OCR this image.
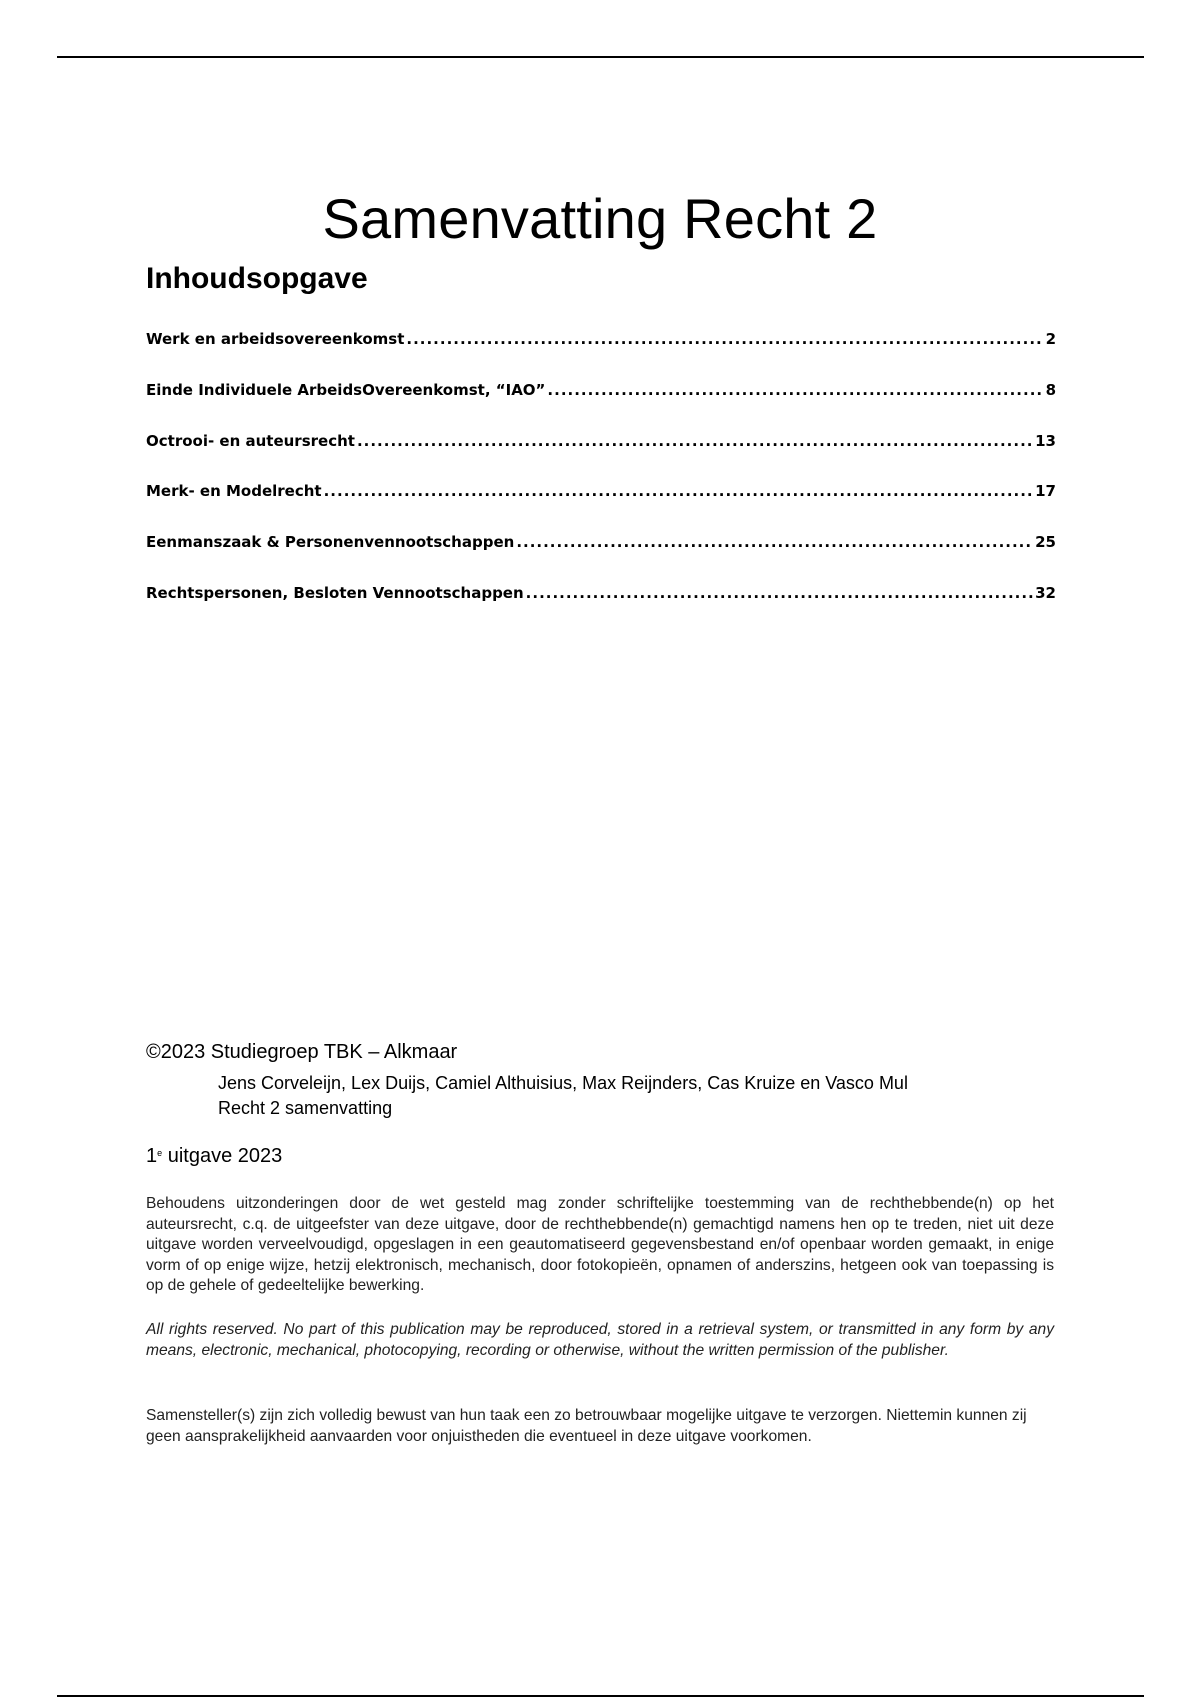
Samenvatting Recht 2
Inhoudsopgave
Werk en arbeidsovereenkomst .....	2
Einde Individuele ArbeidsOvereenkomst, “IAO” .....	8
Octrooi- en auteursrecht .....	13
Merk- en Modelrecht .....	17
Eenmanszaak & Personenvennootschappen .....	25
Rechtspersonen, Besloten Vennootschappen .....	32
©2023 Studiegroep TBK – Alkmaar
Jens Corveleijn, Lex Duijs, Camiel Althuisius, Max Reijnders, Cas Kruize en Vasco Mul
Recht 2 samenvatting
1e uitgave 2023

Behoudens uitzonderingen door de wet gesteld mag zonder schriftelijke toestemming van de rechthebbende(n) op het auteursrecht, c.q. de uitgeefster van deze uitgave, door de rechthebbende(n) gemachtigd namens hen op te treden, niet uit deze uitgave worden verveelvoudigd, opgeslagen in een geautomatiseerd gegevensbestand en/of openbaar worden gemaakt, in enige vorm of op enige wijze, hetzij elektronisch, mechanisch, door fotokopieën, opnamen of anderszins, hetgeen ook van toepassing is op de gehele of gedeeltelijke bewerking.

All rights reserved. No part of this publication may be reproduced, stored in a retrieval system, or transmitted in any form by any means, electronic, mechanical, photocopying, recording or otherwise, without the written permission of the publisher.

Samensteller(s) zijn zich volledig bewust van hun taak een zo betrouwbaar mogelijke uitgave te verzorgen. Niettemin kunnen zij geen aansprakelijkheid aanvaarden voor onjuistheden die eventueel in deze uitgave voorkomen.
